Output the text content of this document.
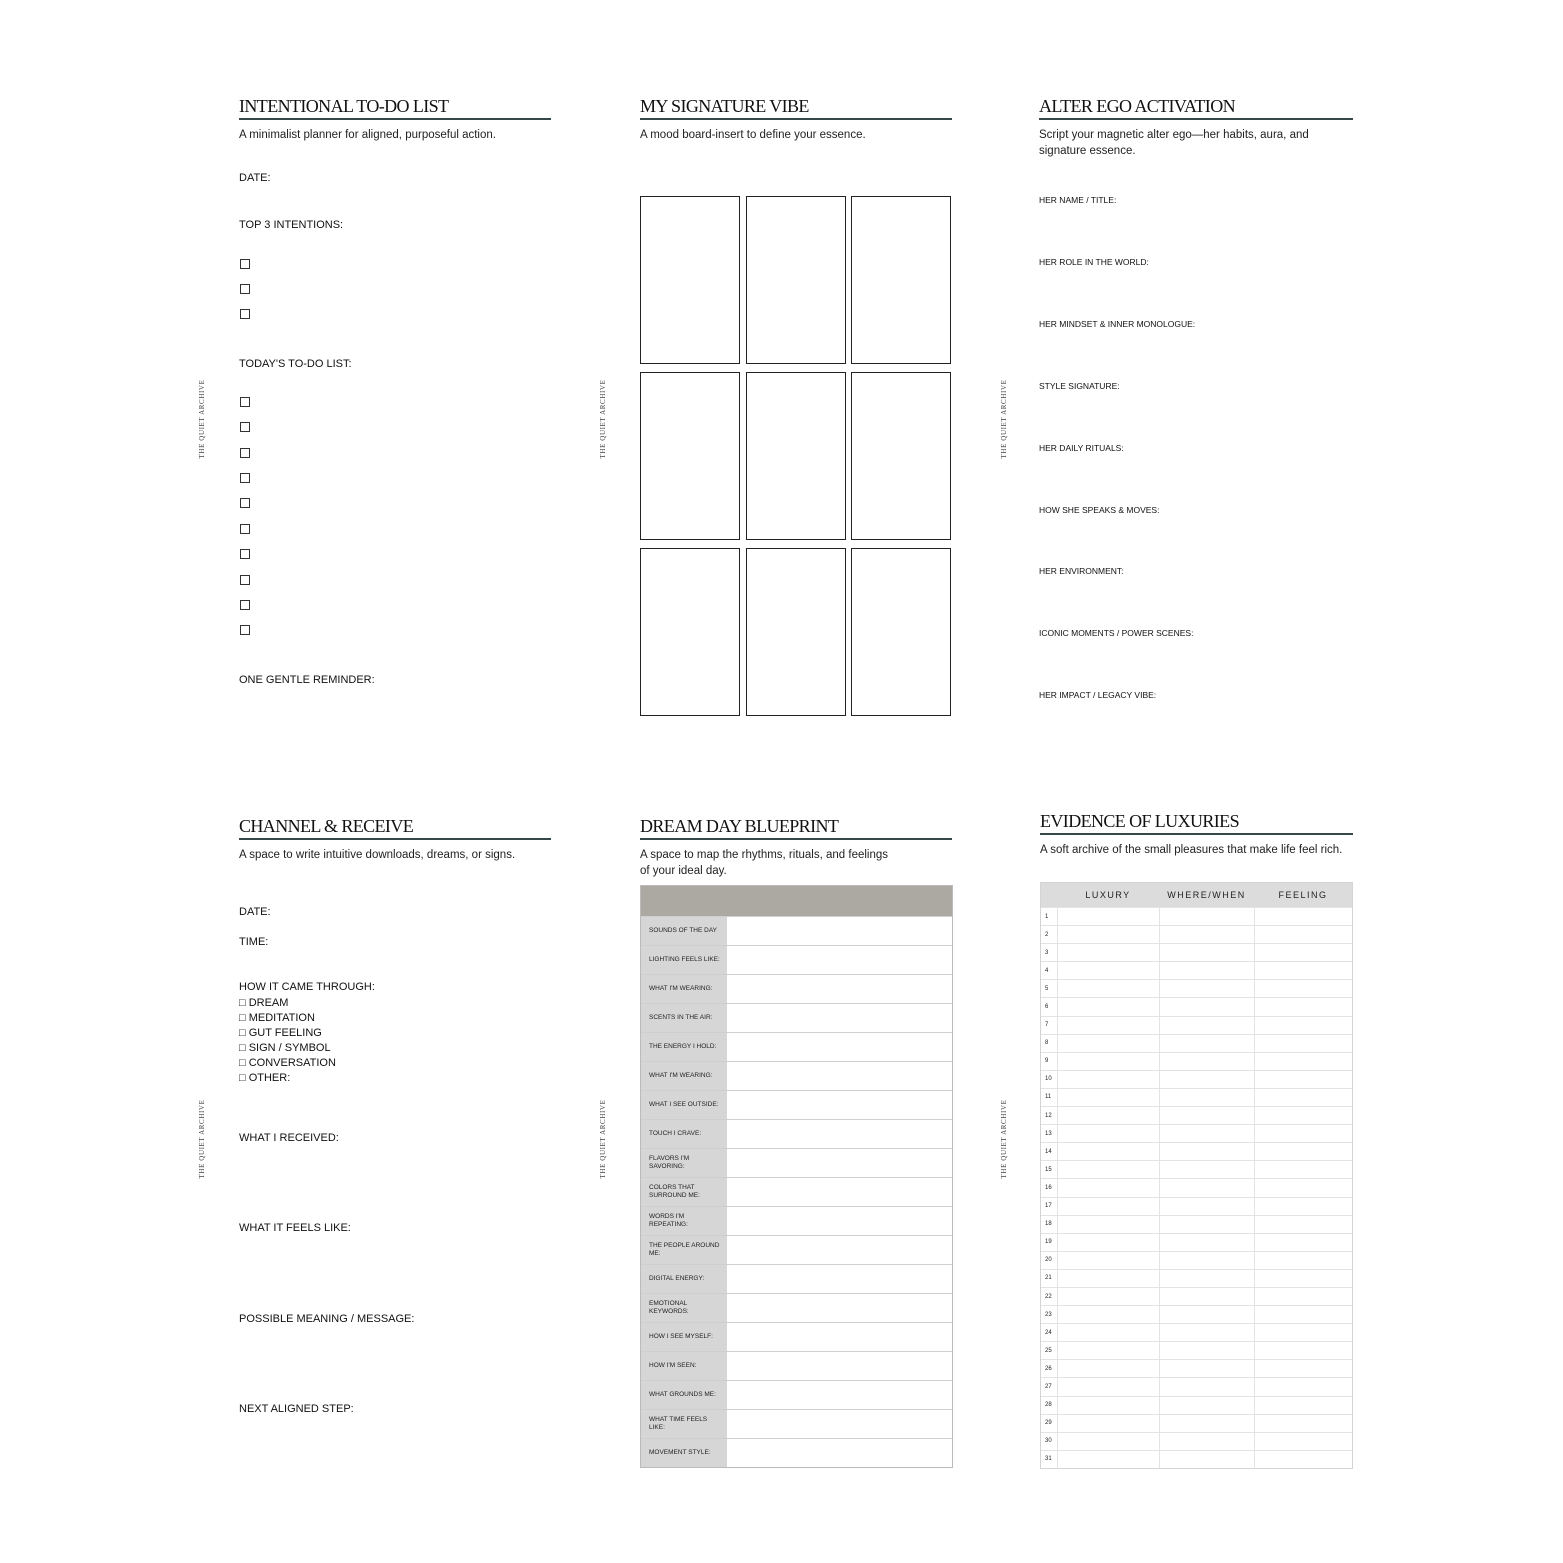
THE QUIET ARCHIVE
INTENTIONAL TO-DO LIST
A minimalist planner for aligned, purposeful action.
DATE:
TOP 3 INTENTIONS:
TODAY'S TO-DO LIST:
ONE GENTLE REMINDER:
THE QUIET ARCHIVE
MY SIGNATURE VIBE
A mood board-insert to define your essence.
THE QUIET ARCHIVE
ALTER EGO ACTIVATION
Script your magnetic alter ego—her habits, aura, and signature essence.
HER NAME / TITLE:
HER ROLE IN THE WORLD:
HER MINDSET & INNER MONOLOGUE:
STYLE SIGNATURE:
HER DAILY RITUALS:
HOW SHE SPEAKS & MOVES:
HER ENVIRONMENT:
ICONIC MOMENTS / POWER SCENES:
HER IMPACT / LEGACY VIBE:
THE QUIET ARCHIVE
CHANNEL & RECEIVE
A space to write intuitive downloads, dreams, or signs.
DATE:
TIME:
HOW IT CAME THROUGH:
□ DREAM
□ MEDITATION
□ GUT FEELING
□ SIGN / SYMBOL
□ CONVERSATION
□ OTHER:
WHAT I RECEIVED:
WHAT IT FEELS LIKE:
POSSIBLE MEANING / MESSAGE:
NEXT ALIGNED STEP:
THE QUIET ARCHIVE
DREAM DAY BLUEPRINT
A space to map the rhythms, rituals, and feelings of your ideal day.
SOUNDS OF THE DAY
LIGHTING FEELS LIKE:
WHAT I'M WEARING:
SCENTS IN THE AIR:
THE ENERGY I HOLD:
WHAT I'M WEARING:
WHAT I SEE OUTSIDE:
TOUCH I CRAVE:
FLAVORS I'M SAVORING:
COLORS THAT SURROUND ME:
WORDS I'M REPEATING:
THE PEOPLE AROUND ME:
DIGITAL ENERGY:
EMOTIONAL KEYWORDS:
HOW I SEE MYSELF:
HOW I'M SEEN:
WHAT GROUNDS ME:
WHAT TIME FEELS LIKE:
MOVEMENT STYLE:
THE QUIET ARCHIVE
EVIDENCE OF LUXURIES
A soft archive of the small pleasures that make life feel rich.
LUXURY	WHERE/WHEN	FEELING
1
2
3
4
5
6
7
8
9
10
11
12
13
14
15
16
17
18
19
20
21
22
23
24
25
26
27
28
29
30
31
